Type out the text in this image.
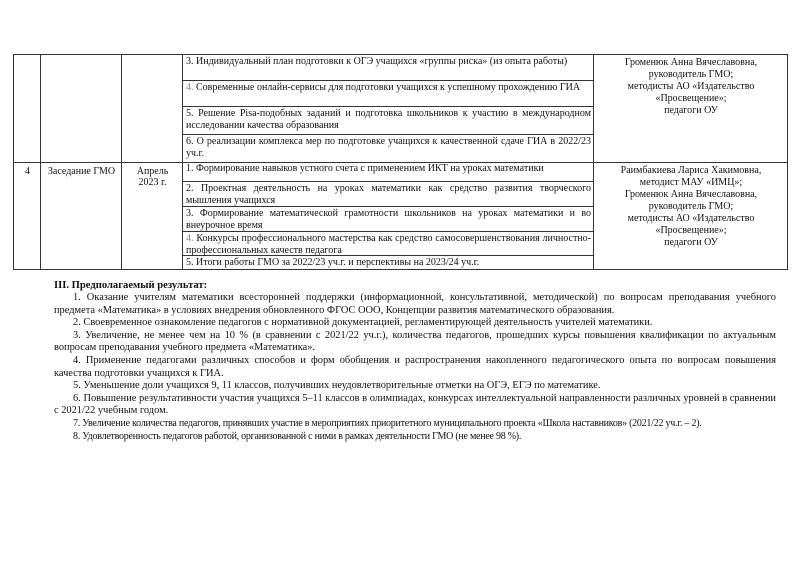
3. Индивидуальный план подготовки к ОГЭ учащихся «группы риска» (из опыта работы)
4. Современные онлайн-сервисы для подготовки учащихся к успешному прохождению ГИА
5. Решение Pisa-подобных заданий и подготовка школьников к участию в международном исследовании качества образования
6. О реализации комплекса мер по подготовке учащихся к качественной сдаче ГИА в 2022/23 уч.г.
Громенюк Анна Вячеславовна,
руководитель ГМО;
методисты АО «Издательство
«Просвещение»;
педагоги ОУ
4	Заседание ГМО	Апрель
2023 г.
1. Формирование навыков устного счета с применением ИКТ на уроках математики
2. Проектная деятельность на уроках математики как средство развития творческого мышления учащихся
3. Формирование математической грамотности школьников на уроках математики и во внеурочное время
4. Конкурсы профессионального мастерства как средство самосовершенствования личностно-профессиональных качеств педагога
5. Итоги работы ГМО за 2022/23 уч.г. и перспективы на 2023/24 уч.г.
Раимбакиева Лариса Хакимовна,
методист МАУ «ИМЦ»;
Громенюк Анна Вячеславовна,
руководитель ГМО;
методисты АО «Издательство
«Просвещение»;
педагоги ОУ
III. Предполагаемый результат:

1. Оказание учителям математики всесторонней поддержки (информационной, консультативной, методической) по вопросам преподавания учебного предмета «Математика» в условиях внедрения обновленного ФГОС ООО, Концепции развития математического образования.

2. Своевременное ознакомление педагогов с нормативной документацией, регламентирующей деятельность учителей математики.

3. Увеличение, не менее чем на 10 % (в сравнении с 2021/22 уч.г.), количества педагогов, прошедших курсы повышения квалификации по актуальным вопросам преподавания учебного предмета «Математика».

4. Применение педагогами различных способов и форм обобщения и распространения накопленного педагогического опыта по вопросам повышения качества подготовки учащихся к ГИА.

5. Уменьшение доли учащихся 9, 11 классов, получивших неудовлетворительные отметки на ОГЭ, ЕГЭ по математике.

6. Повышение результативности участия учащихся 5–11 классов в олимпиадах, конкурсах интеллектуальной направленности различных уровней в сравнении с 2021/22 учебным годом.

7. Увеличение количества педагогов, принявших участие в мероприятиях приоритетного муниципального проекта «Школа наставников» (2021/22 уч.г. – 2).

8. Удовлетворенность педагогов работой, организованной с ними в рамках деятельности ГМО (не менее 98 %).
